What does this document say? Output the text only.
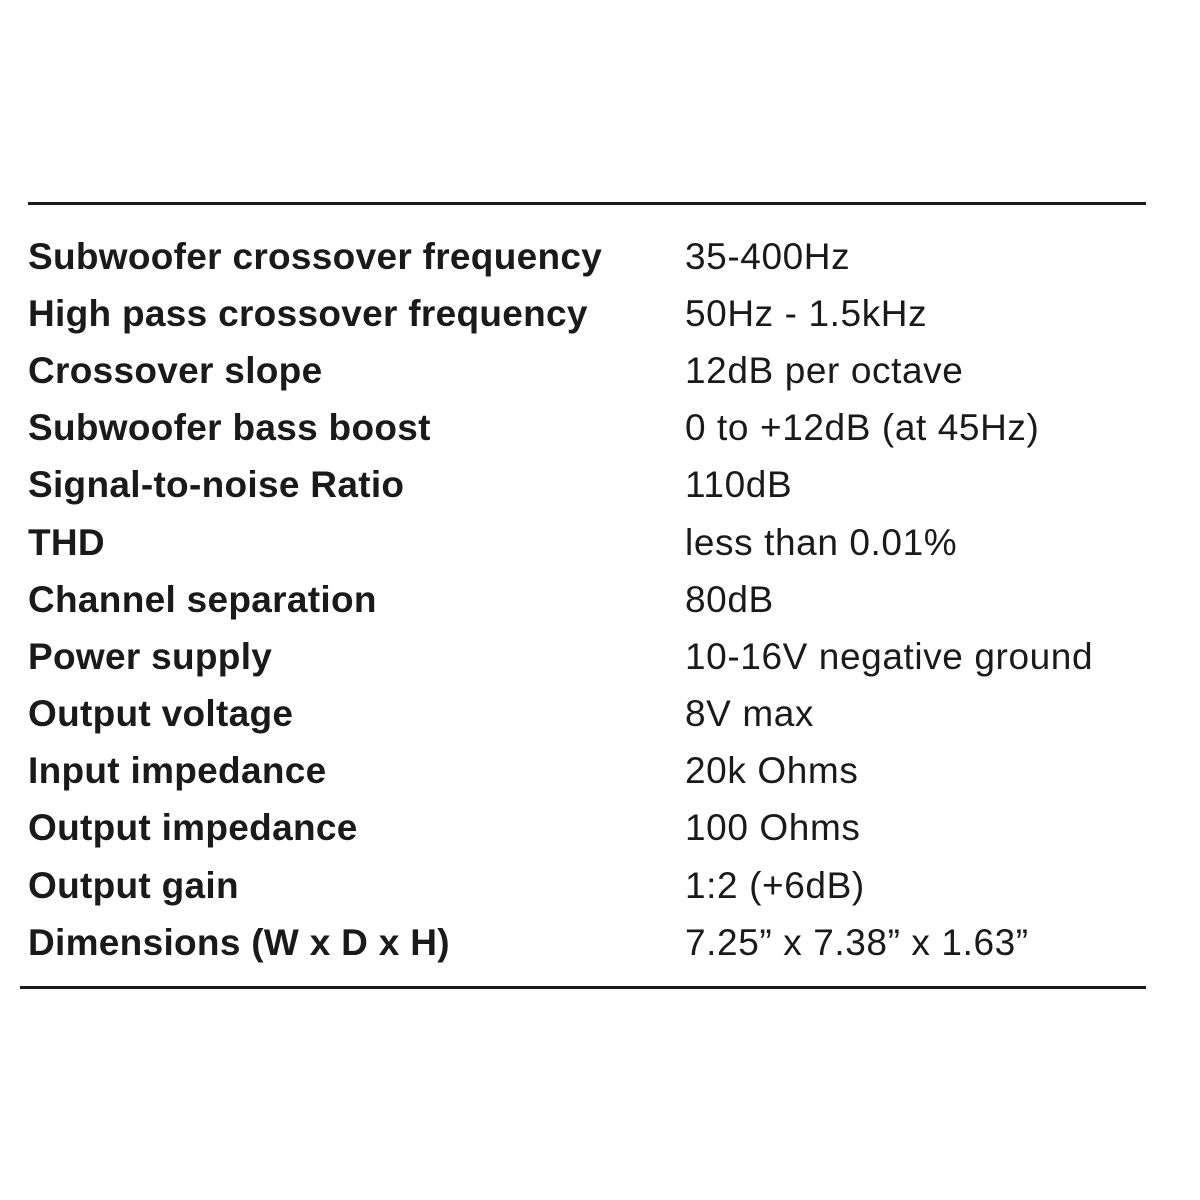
Subwoofer crossover frequency	35-400Hz
High pass crossover frequency	50Hz - 1.5kHz
Crossover slope	12dB per octave
Subwoofer bass boost	0 to +12dB (at 45Hz)
Signal-to-noise Ratio	110dB
THD	less than 0.01%
Channel separation	80dB
Power supply	10-16V negative ground
Output voltage	8V max
Input impedance	20k Ohms
Output impedance	100 Ohms
Output gain	1:2 (+6dB)
Dimensions (W x D x H)	7.25” x 7.38” x 1.63”
